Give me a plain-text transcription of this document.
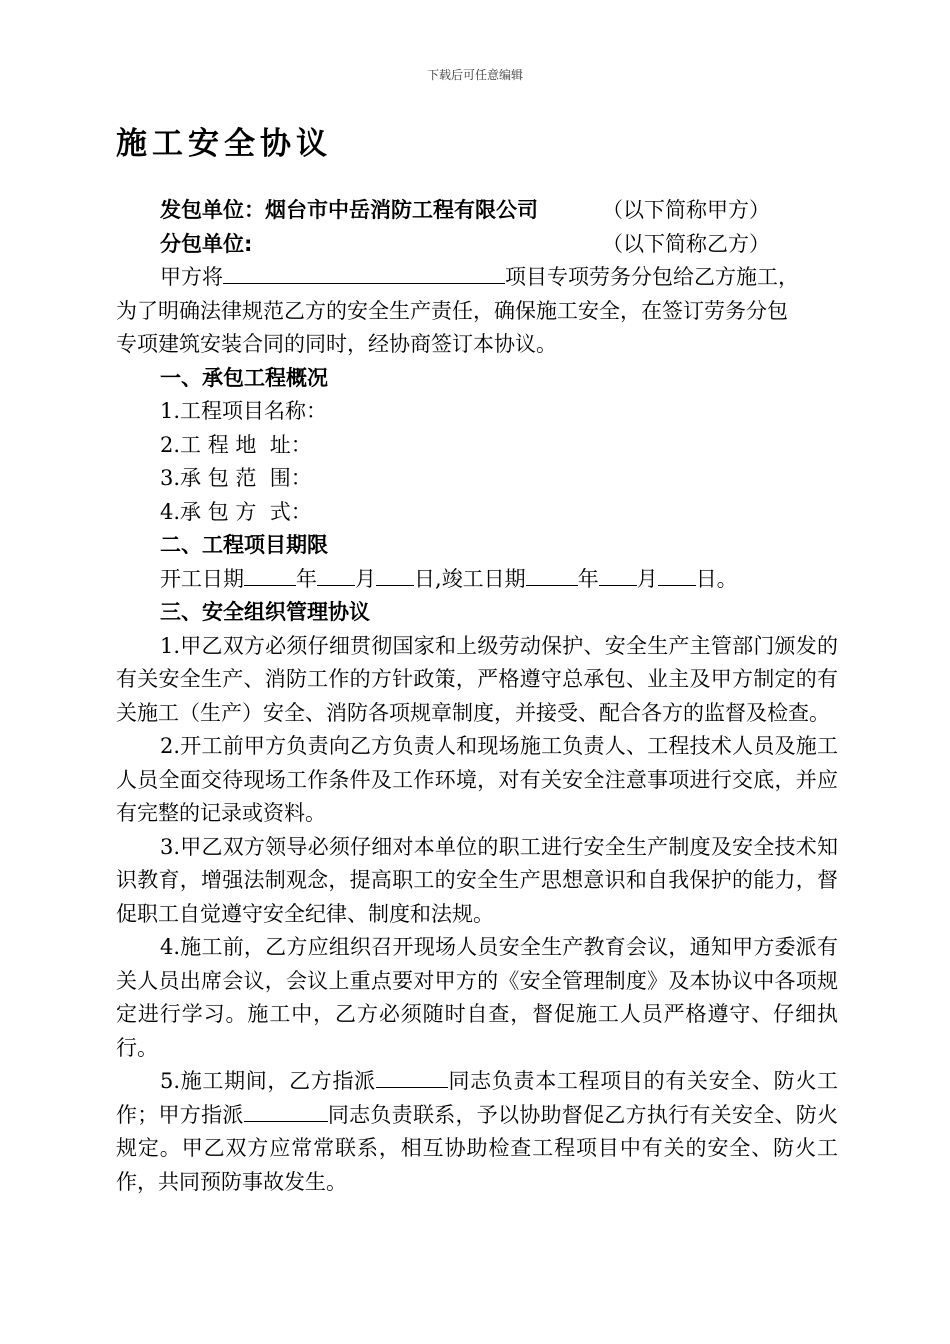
下载后可任意编辑
施工安全协议
发包单位：烟台市中岳消防工程有限公司	（以下简称甲方）
分包单位:	（以下简称乙方）
甲方将	项目专项劳务分包给乙方施工，
为了明确法律规范乙方的安全生产责任，确保施工安全，在签订劳务分包
专项建筑安装合同的同时，经协商签订本协议。
一、承包工程概况
1.工程项目名称：
2.工 程 地  址：
3.承 包 范  围：
4.承 包 方  式：
二、工程项目期限
开工日期 年 月 日,竣工日期 年 月 日。
三、安全组织管理协议
1.甲乙双方必须仔细贯彻国家和上级劳动保护、安全生产主管部门颁发的有关安全生产、消防工作的方针政策，严格遵守总承包、业主及甲方制定的有关施工（生产）安全、消防各项规章制度，并接受、配合各方的监督及检查。
2.开工前甲方负责向乙方负责人和现场施工负责人、工程技术人员及施工人员全面交待现场工作条件及工作环境，对有关安全注意事项进行交底，并应有完整的记录或资料。
3.甲乙双方领导必须仔细对本单位的职工进行安全生产制度及安全技术知识教育，增强法制观念，提高职工的安全生产思想意识和自我保护的能力，督促职工自觉遵守安全纪律、制度和法规。
4.施工前，乙方应组织召开现场人员安全生产教育会议，通知甲方委派有关人员出席会议，会议上重点要对甲方的《安全管理制度》及本协议中各项规定进行学习。施工中，乙方必须随时自查，督促施工人员严格遵守、仔细执行。
5.施工期间，乙方指派	同志负责本工程项目的有关安全、防火工作；甲方指派	同志负责联系，予以协助督促乙方执行有关安全、防火规定。甲乙双方应常常联系，相互协助检查工程项目中有关的安全、防火工作，共同预防事故发生。
